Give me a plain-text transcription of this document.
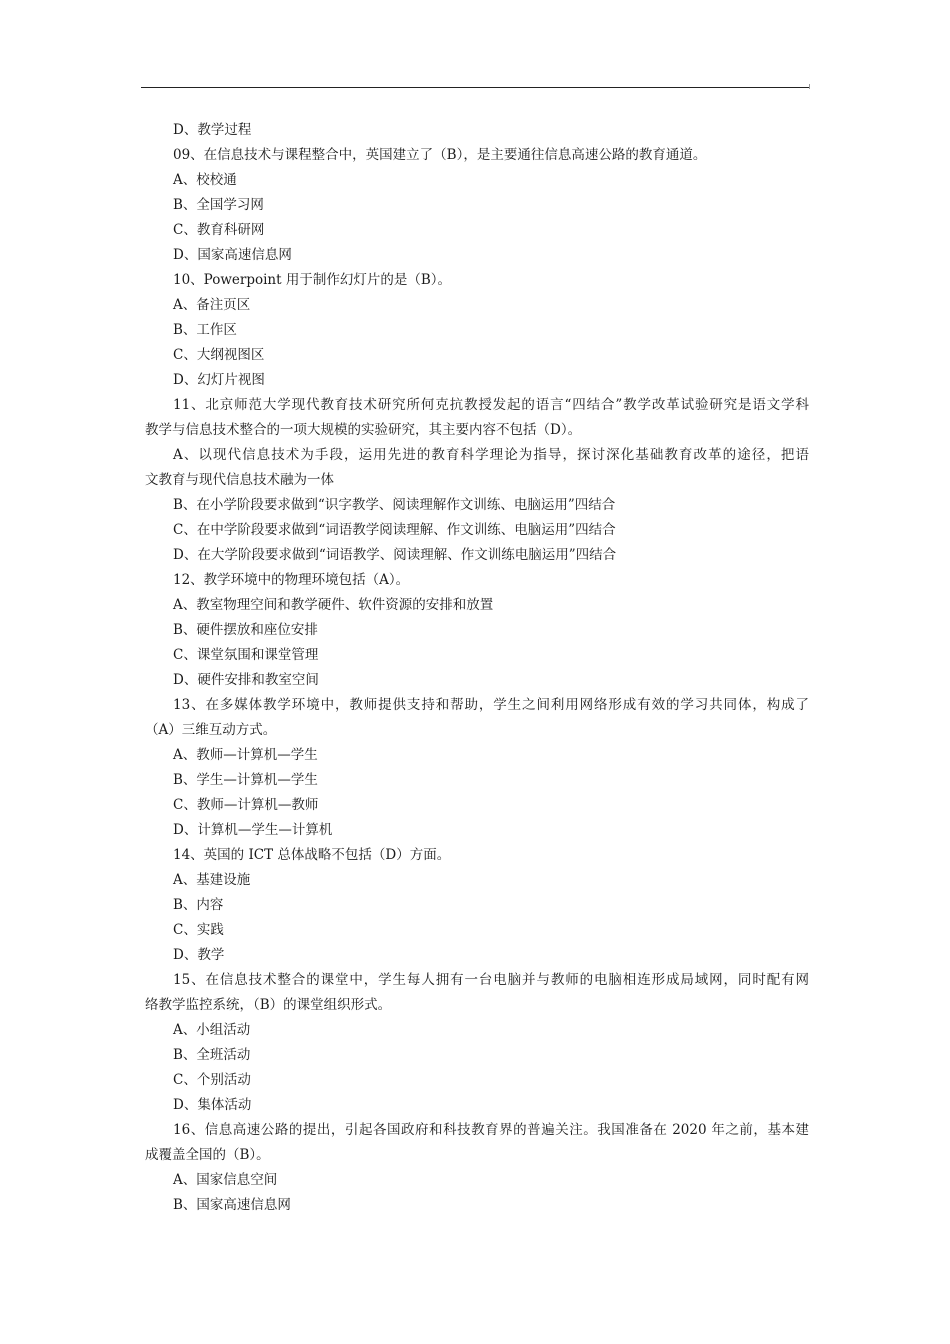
D、教学过程
09、在信息技术与课程整合中，英国建立了（B），是主要通往信息高速公路的教育通道。
A、校校通
B、全国学习网
C、教育科研网
D、国家高速信息网
10、Powerpoint 用于制作幻灯片的是（B）。
A、备注页区
B、工作区
C、大纲视图区
D、幻灯片视图
11、北京师范大学现代教育技术研究所何克抗教授发起的语言“四结合”教学改革试验研究是语文学科
教学与信息技术整合的一项大规模的实验研究，其主要内容不包括（D）。
A、以现代信息技术为手段，运用先进的教育科学理论为指导，探讨深化基础教育改革的途径，把语
文教育与现代信息技术融为一体
B、在小学阶段要求做到“识字教学、阅读理解作文训练、电脑运用”四结合
C、在中学阶段要求做到“词语教学阅读理解、作文训练、电脑运用”四结合
D、在大学阶段要求做到“词语教学、阅读理解、作文训练电脑运用”四结合
12、教学环境中的物理环境包括（A）。
A、教室物理空间和教学硬件、软件资源的安排和放置
B、硬件摆放和座位安排
C、课堂氛围和课堂管理
D、硬件安排和教室空间
13、在多媒体教学环境中，教师提供支持和帮助，学生之间利用网络形成有效的学习共同体，构成了
（A）三维互动方式。
A、教师—计算机—学生
B、学生—计算机—学生
C、教师—计算机—教师
D、计算机—学生—计算机
14、英国的 ICT 总体战略不包括（D）方面。
A、基建设施
B、内容
C、实践
D、教学
15、在信息技术整合的课堂中，学生每人拥有一台电脑并与教师的电脑相连形成局域网，同时配有网
络教学监控系统，（B）的课堂组织形式。
A、小组活动
B、全班活动
C、个别活动
D、集体活动
16、信息高速公路的提出，引起各国政府和科技教育界的普遍关注。我国准备在 2020 年之前，基本建
成覆盖全国的（B）。
A、国家信息空间
B、国家高速信息网
